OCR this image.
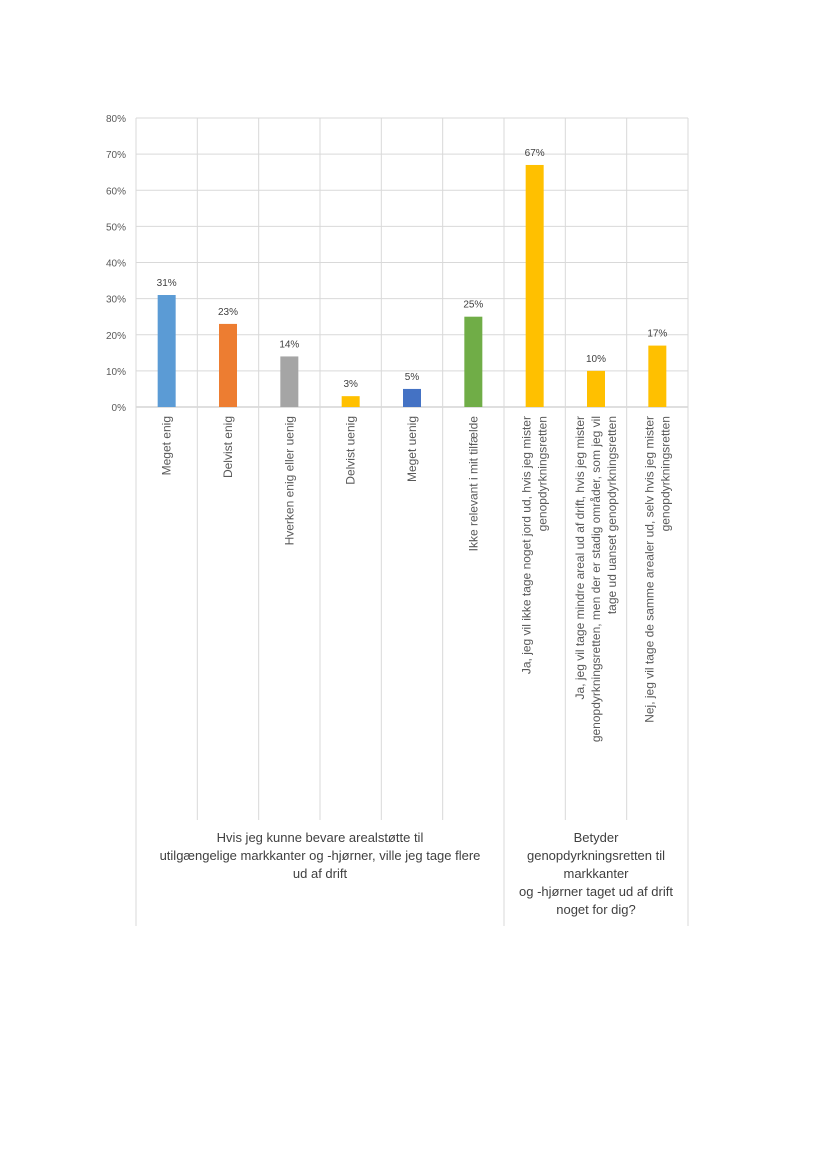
0%
10%
20%
30%
40%
50%
60%
70%
80%
31%
Meget enig
23%
Delvist enig
14%
Hverken enig eller uenig
3%
Delvist uenig
5%
Meget uenig
25%
Ikke relevant i mit tilfælde
67%
Ja, jeg vil ikke tage noget jord ud, hvis jeg mister genopdyrkningsretten
10%
Ja, jeg vil tage mindre areal ud af drift, hvis jeg mister genopdyrkningsretten, men der er stadig områder, som jeg vil tage ud uanset genopdyrkningsretten
17%
Nej, jeg vil tage de samme arealer ud, selv hvis jeg mister genopdyrkningsretten
Hvis jeg kunne bevare arealstøtte til
utilgængelige markkanter og -hjørner, ville jeg tage flere
ud af drift
Betyder
genopdyrkningsretten til
markkanter
og -hjørner taget ud af drift
noget for dig?
